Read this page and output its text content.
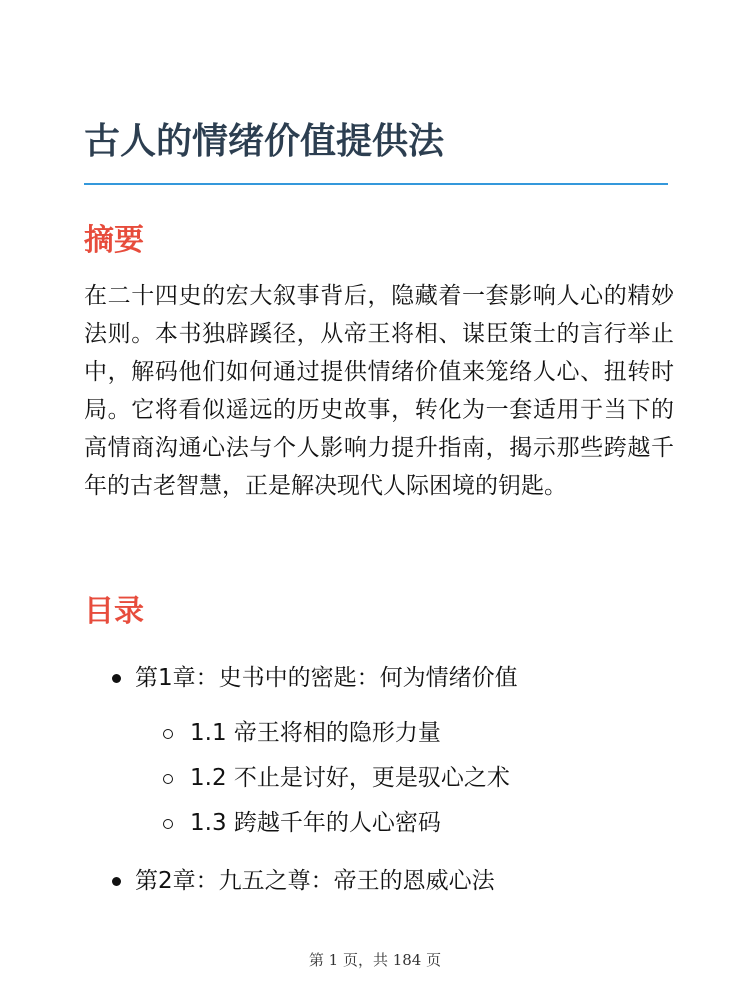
古人的情绪价值提供法
摘要

在二十四史的宏大叙事背后，隐藏着一套影响人心的精妙法则。本书独辟蹊径，从帝王将相、谋臣策士的言行举止中，解码他们如何通过提供情绪价值来笼络人心、扭转时局。它将看似遥远的历史故事，转化为一套适用于当下的高情商沟通心法与个人影响力提升指南，揭示那些跨越千年的古老智慧，正是解决现代人际困境的钥匙。

目录
第1章：史书中的密匙：何为情绪价值
1.1 帝王将相的隐形力量
1.2 不止是讨好，更是驭心之术
1.3 跨越千年的人心密码
第2章：九五之尊：帝王的恩威心法
第 1 页，共 184 页
